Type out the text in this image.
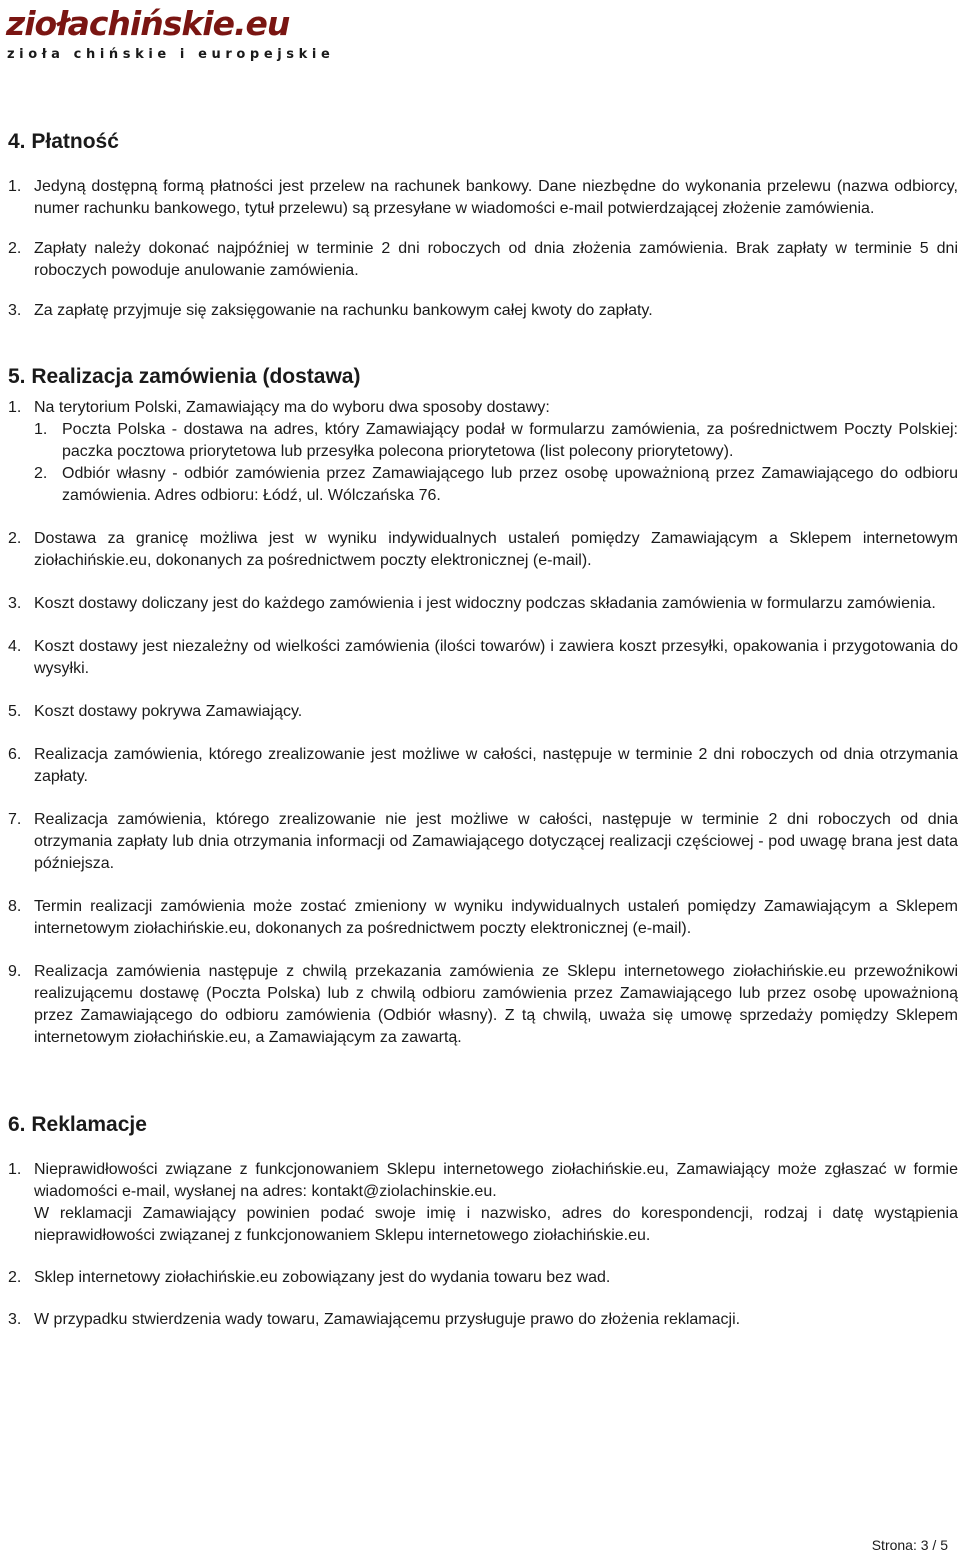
ziołachińskie.eu
zioła chińskie i europejskie
4. Płatność
1. Jedyną dostępną formą płatności jest przelew na rachunek bankowy. Dane niezbędne do wykonania przelewu (nazwa odbiorcy, numer rachunku bankowego, tytuł przelewu) są przesyłane w wiadomości e-mail potwierdzającej złożenie zamówienia.
2. Zapłaty należy dokonać najpóźniej w terminie 2 dni roboczych od dnia złożenia zamówienia. Brak zapłaty w terminie 5 dni roboczych powoduje anulowanie zamówienia.
3. Za zapłatę przyjmuje się zaksięgowanie na rachunku bankowym całej kwoty do zapłaty.
5. Realizacja zamówienia (dostawa)
1. Na terytorium Polski, Zamawiający ma do wyboru dwa sposoby dostawy:
1. Poczta Polska - dostawa na adres, który Zamawiający podał w formularzu zamówienia, za pośrednictwem Poczty Polskiej: paczka pocztowa priorytetowa lub przesyłka polecona priorytetowa (list polecony priorytetowy).
2. Odbiór własny - odbiór zamówienia przez Zamawiającego lub przez osobę upoważnioną przez Zamawiającego do odbioru zamówienia. Adres odbioru: Łódź, ul. Wólczańska 76.
2. Dostawa za granicę możliwa jest w wyniku indywidualnych ustaleń pomiędzy Zamawiającym a Sklepem internetowym ziołachińskie.eu, dokonanych za pośrednictwem poczty elektronicznej (e-mail).
3. Koszt dostawy doliczany jest do każdego zamówienia i jest widoczny podczas składania zamówienia w formularzu zamówienia.
4. Koszt dostawy jest niezależny od wielkości zamówienia (ilości towarów) i zawiera koszt przesyłki, opakowania i przygotowania do wysyłki.
5. Koszt dostawy pokrywa Zamawiający.
6. Realizacja zamówienia, którego zrealizowanie jest możliwe w całości, następuje w terminie 2 dni roboczych od dnia otrzymania zapłaty.
7. Realizacja zamówienia, którego zrealizowanie nie jest możliwe w całości, następuje w terminie 2 dni roboczych od dnia otrzymania zapłaty lub dnia otrzymania informacji od Zamawiającego dotyczącej realizacji częściowej - pod uwagę brana jest data późniejsza.
8. Termin realizacji zamówienia może zostać zmieniony w wyniku indywidualnych ustaleń pomiędzy Zamawiającym a Sklepem internetowym ziołachińskie.eu, dokonanych za pośrednictwem poczty elektronicznej (e-mail).
9. Realizacja zamówienia następuje z chwilą przekazania zamówienia ze Sklepu internetowego ziołachińskie.eu przewoźnikowi realizującemu dostawę (Poczta Polska) lub z chwilą odbioru zamówienia przez Zamawiającego lub przez osobę upoważnioną przez Zamawiającego do odbioru zamówienia (Odbiór własny). Z tą chwilą, uważa się umowę sprzedaży pomiędzy Sklepem internetowym ziołachińskie.eu, a Zamawiającym za zawartą.
6. Reklamacje
1. Nieprawidłowości związane z funkcjonowaniem Sklepu internetowego ziołachińskie.eu, Zamawiający może zgłaszać w formie wiadomości e-mail, wysłanej na adres: kontakt@ziolachinskie.eu.
W reklamacji Zamawiający powinien podać swoje imię i nazwisko, adres do korespondencji, rodzaj i datę wystąpienia nieprawidłowości związanej z funkcjonowaniem Sklepu internetowego ziołachińskie.eu.
2. Sklep internetowy ziołachińskie.eu zobowiązany jest do wydania towaru bez wad.
3. W przypadku stwierdzenia wady towaru, Zamawiającemu przysługuje prawo do złożenia reklamacji.
Strona: 3 / 5
